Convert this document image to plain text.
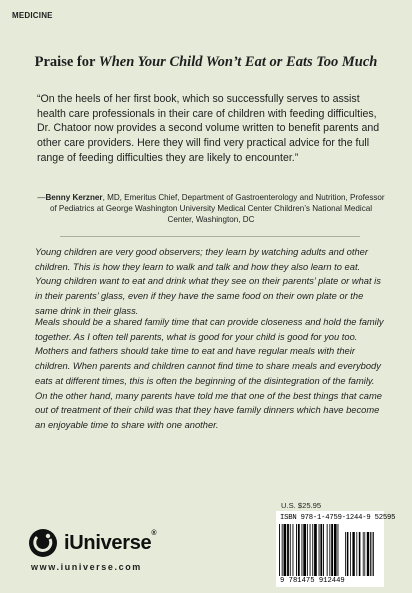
MEDICINE
Praise for When Your Child Won’t Eat or Eats Too Much
“On the heels of her first book, which so successfully serves to assist health care professionals in their care of children with feeding difficulties, Dr. Chatoor now provides a second volume written to benefit parents and other care providers. Here they will find very practical advice for the full range of feeding difficulties they are likely to encounter.”
—Benny Kerzner, MD, Emeritus Chief, Department of Gastroenterology and Nutrition, Professor of Pediatrics at George Washington University Medical Center Children’s National Medical Center, Washington, DC
Young children are very good observers; they learn by watching adults and other children. This is how they learn to walk and talk and how they also learn to eat. Young children want to eat and drink what they see on their parents’ plate or what is in their parents’ glass, even if they have the same food on their own plate or the same drink in their glass.
Meals should be a shared family time that can provide closeness and hold the family together. As I often tell parents, what is good for your child is good for you too. Mothers and fathers should take time to eat and have regular meals with their children. When parents and children cannot find time to share meals and everybody eats at different times, this is often the beginning of the disintegration of the family. On the other hand, many parents have told me that one of the best things that came out of treatment of their child was that they have family dinners which have become an enjoyable time to share with one another.
U.S. $25.95
ISBN 978-1-4759-1244-9 52595
9 781475 912449
iUniverse®
www.iuniverse.com
